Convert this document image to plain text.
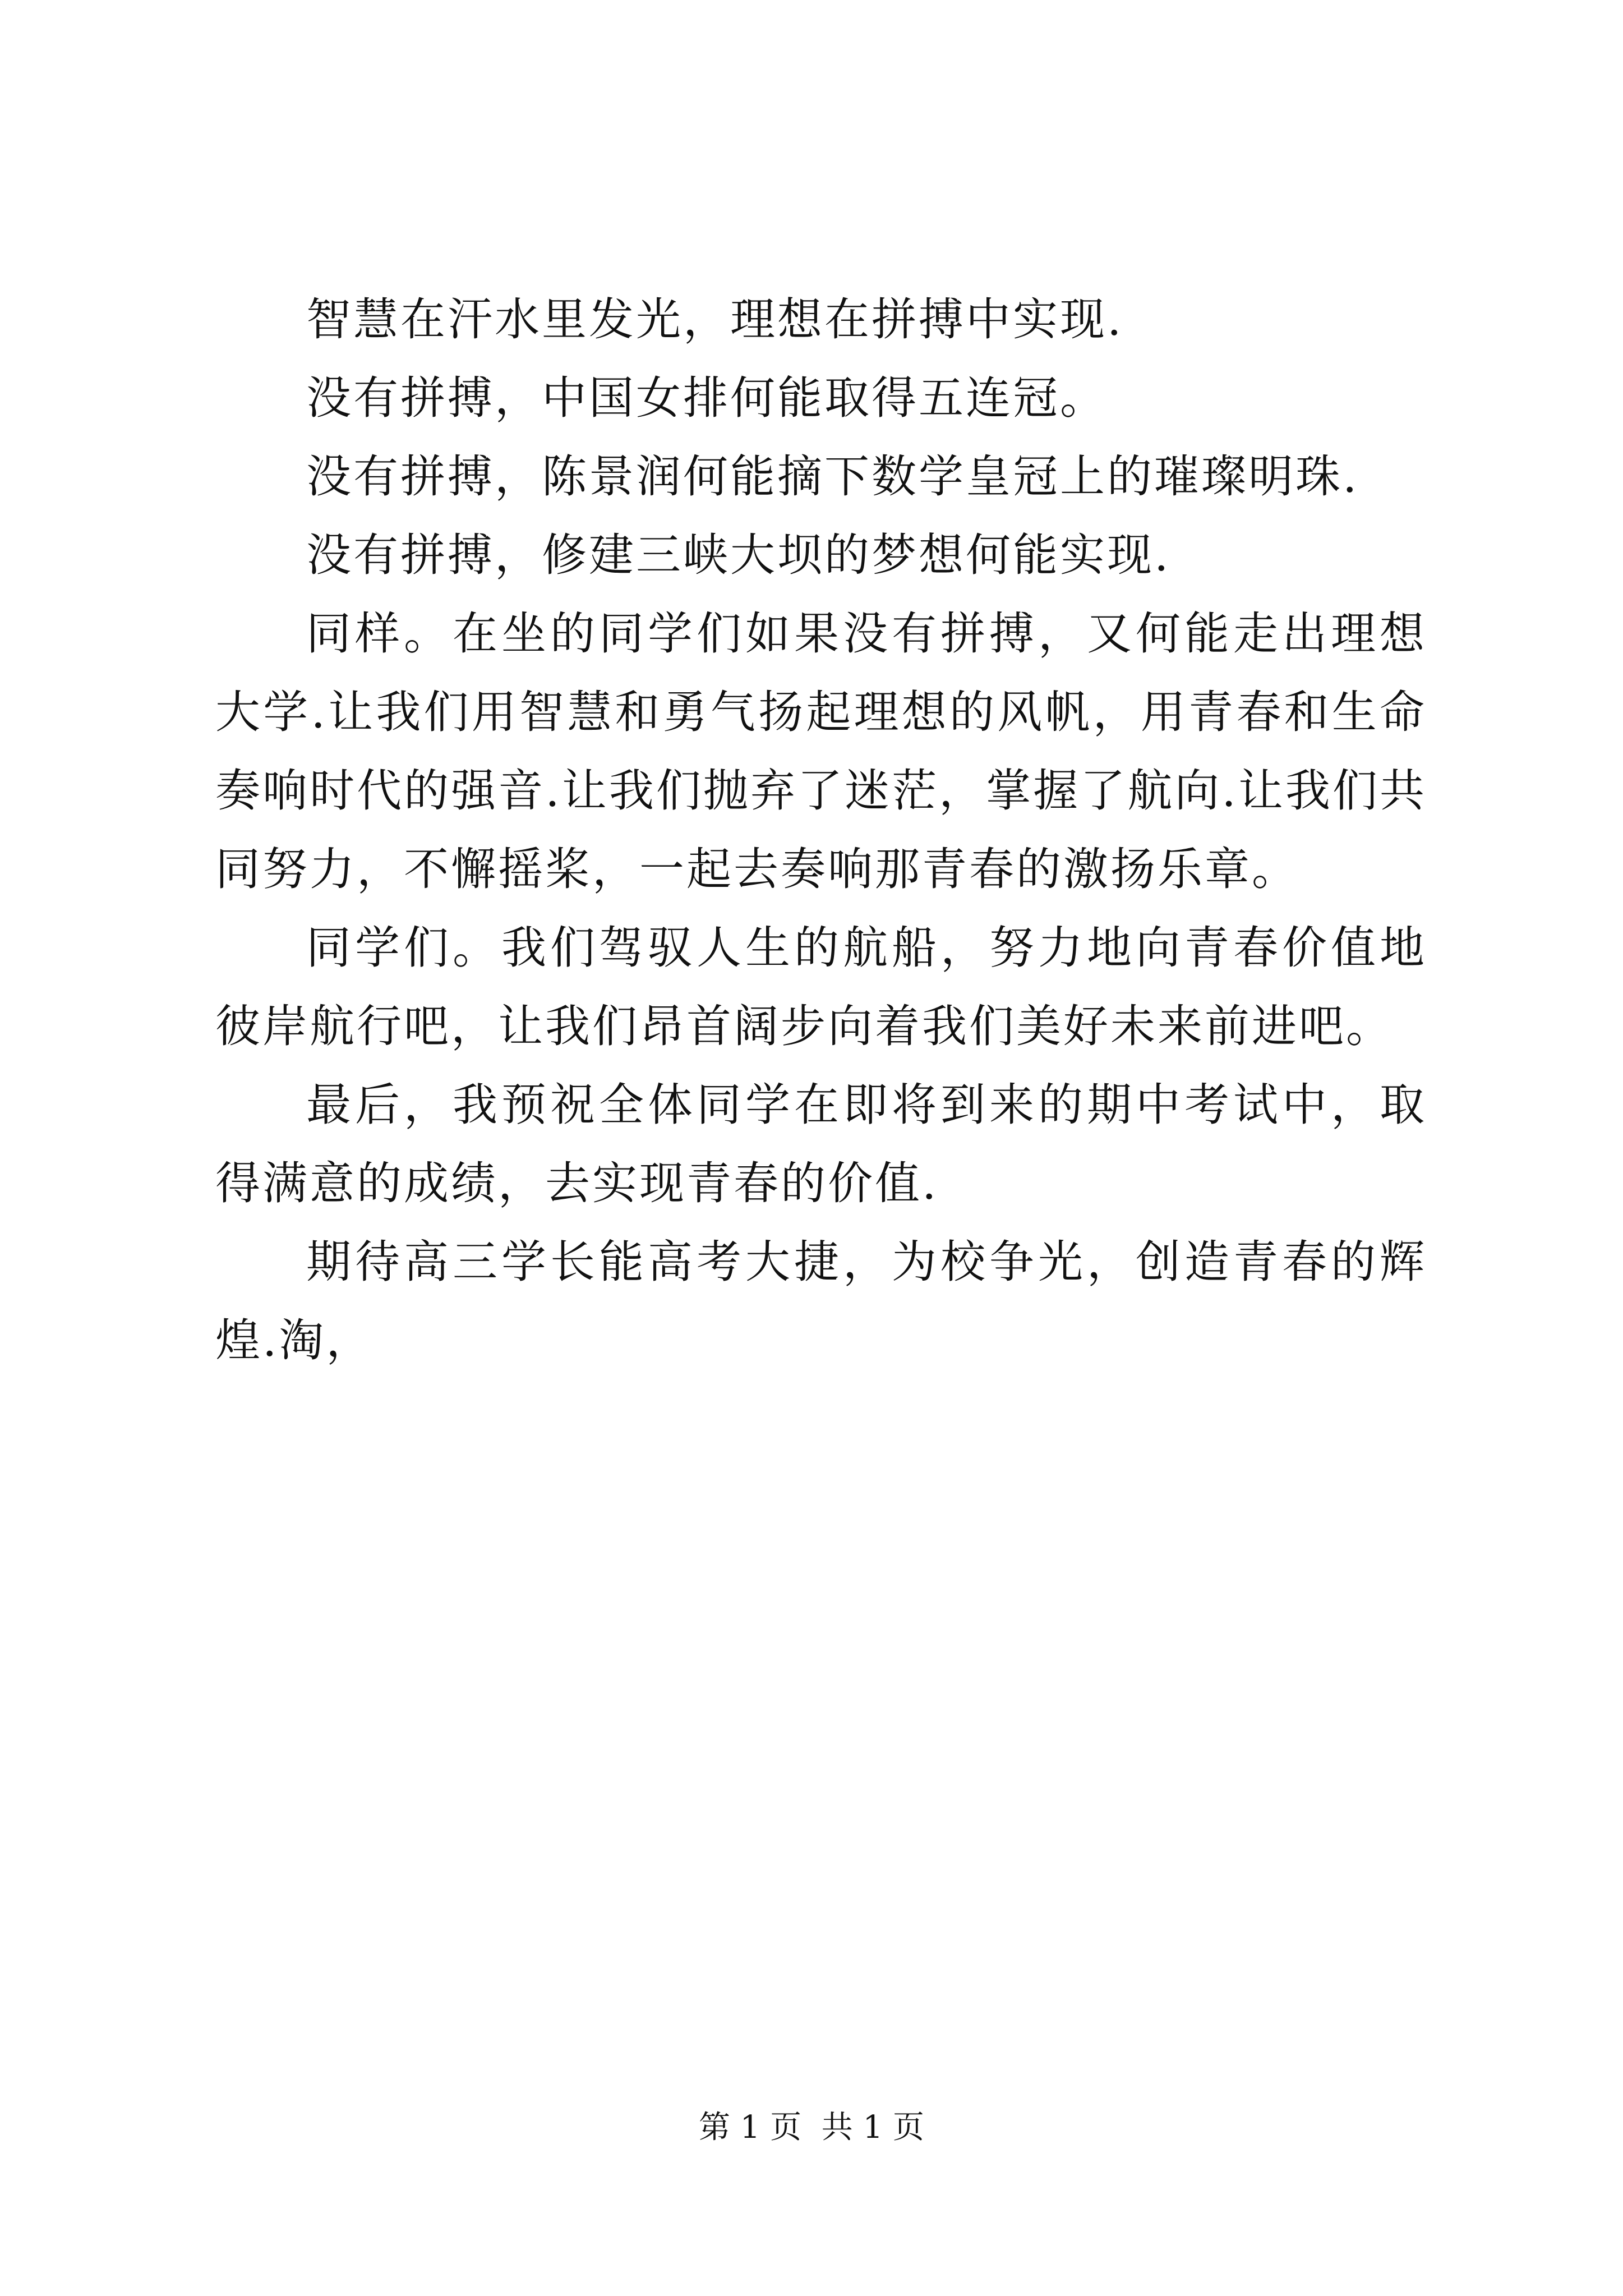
智慧在汗水里发光，理想在拼搏中实现.

没有拼搏，中国女排何能取得五连冠。

没有拼搏，陈景润何能摘下数学皇冠上的璀璨明珠.

没有拼搏，修建三峡大坝的梦想何能实现.

同样。在坐的同学们如果没有拼搏，又何能走出理想大学.让我们用智慧和勇气扬起理想的风帆，用青春和生命奏响时代的强音.让我们抛弃了迷茫，掌握了航向.让我们共同努力，不懈摇桨，一起去奏响那青春的激扬乐章。

同学们。我们驾驭人生的航船，努力地向青春价值地彼岸航行吧，让我们昂首阔步向着我们美好未来前进吧。

最后，我预祝全体同学在即将到来的期中考试中，取得满意的成绩，去实现青春的价值.

期待高三学长能高考大捷，为校争光，创造青春的辉煌.淘，

第 1 页  共 1 页
